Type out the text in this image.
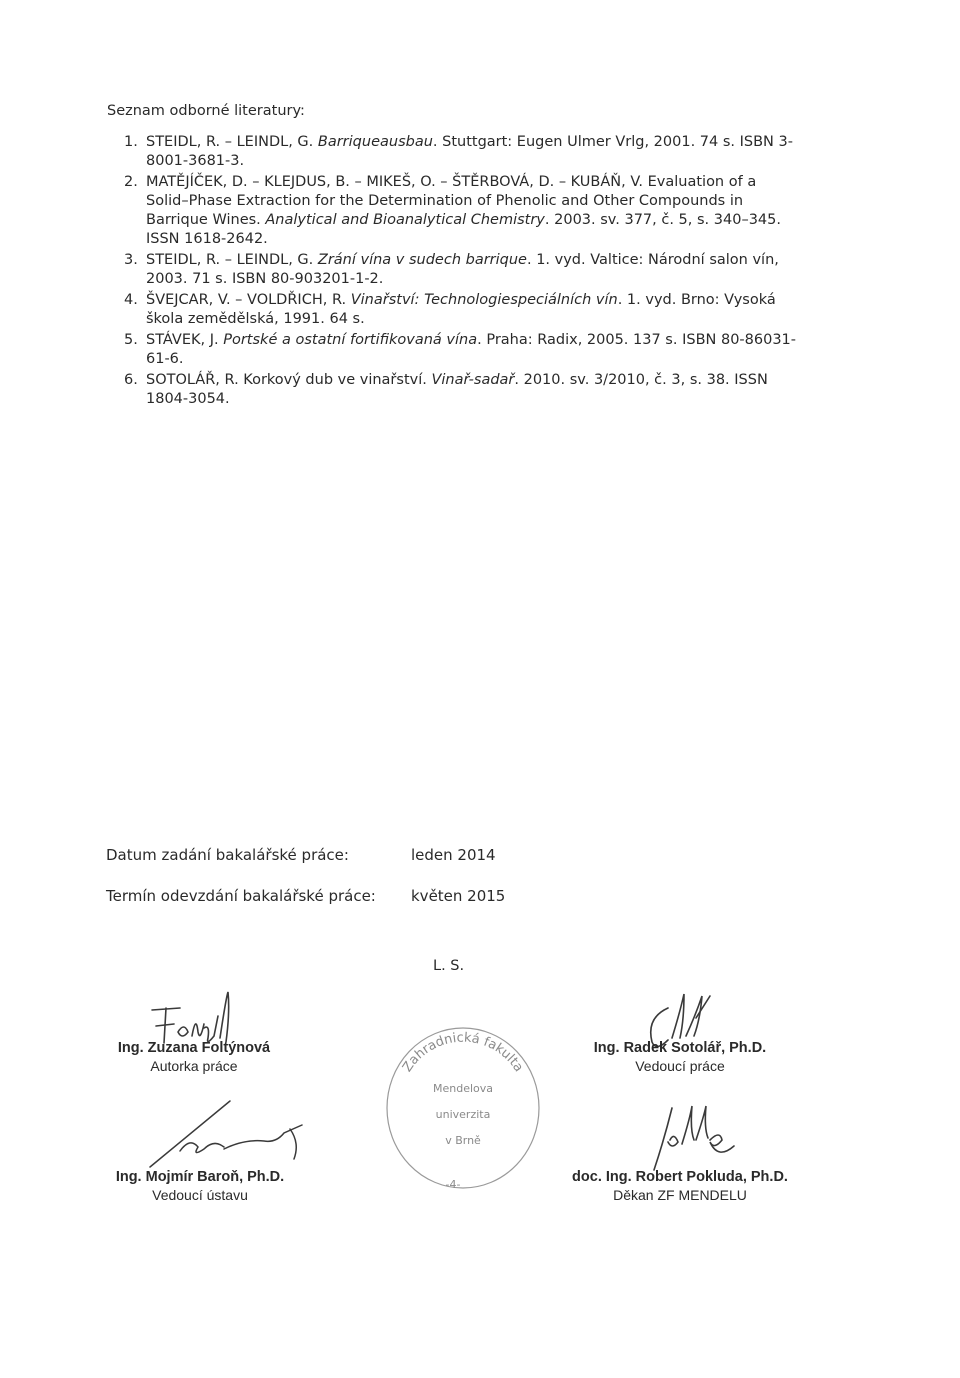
Seznam odborné literatury:
1. STEIDL, R. – LEINDL, G. Barriqueausbau. Stuttgart: Eugen Ulmer Vrlg, 2001. 74 s. ISBN 3-8001-3681-3.
2. MATĚJÍČEK, D. – KLEJDUS, B. – MIKEŠ, O. – ŠTĚRBOVÁ, D. – KUBÁŇ, V. Evaluation of a Solid–Phase Extraction for the Determination of Phenolic and Other Compounds in Barrique Wines. Analytical and Bioanalytical Chemistry. 2003. sv. 377, č. 5, s. 340–345. ISSN 1618-2642.
3. STEIDL, R. – LEINDL, G. Zrání vína v sudech barrique. 1. vyd. Valtice: Národní salon vín, 2003. 71 s. ISBN 80-903201-1-2.
4. ŠVEJCAR, V. – VOLDŘICH, R. Vinařství: Technologiespeciálních vín. 1. vyd. Brno: Vysoká škola zemědělská, 1991. 64 s.
5. STÁVEK, J. Portské a ostatní fortifikovaná vína. Praha: Radix, 2005. 137 s. ISBN 80-86031-61-6.
6. SOTOLÁŘ, R. Korkový dub ve vinařství. Vinař-sadař. 2010. sv. 3/2010, č. 3, s. 38. ISSN 1804-3054.
Datum zadání bakalářské práce:	leden 2014
Termín odevzdání bakalářské práce: květen 2015
L. S.
Ing. Zuzana Foltýnová
Autorka práce
Ing. Radek Sotolář, Ph.D.
Vedoucí práce
Ing. Mojmír Baroň, Ph.D.
Vedoucí ústavu
doc. Ing. Robert Pokluda, Ph.D.
Děkan ZF MENDELU
Zahradnická fakulta
Mendelova
univerzita
v Brně
-4-
